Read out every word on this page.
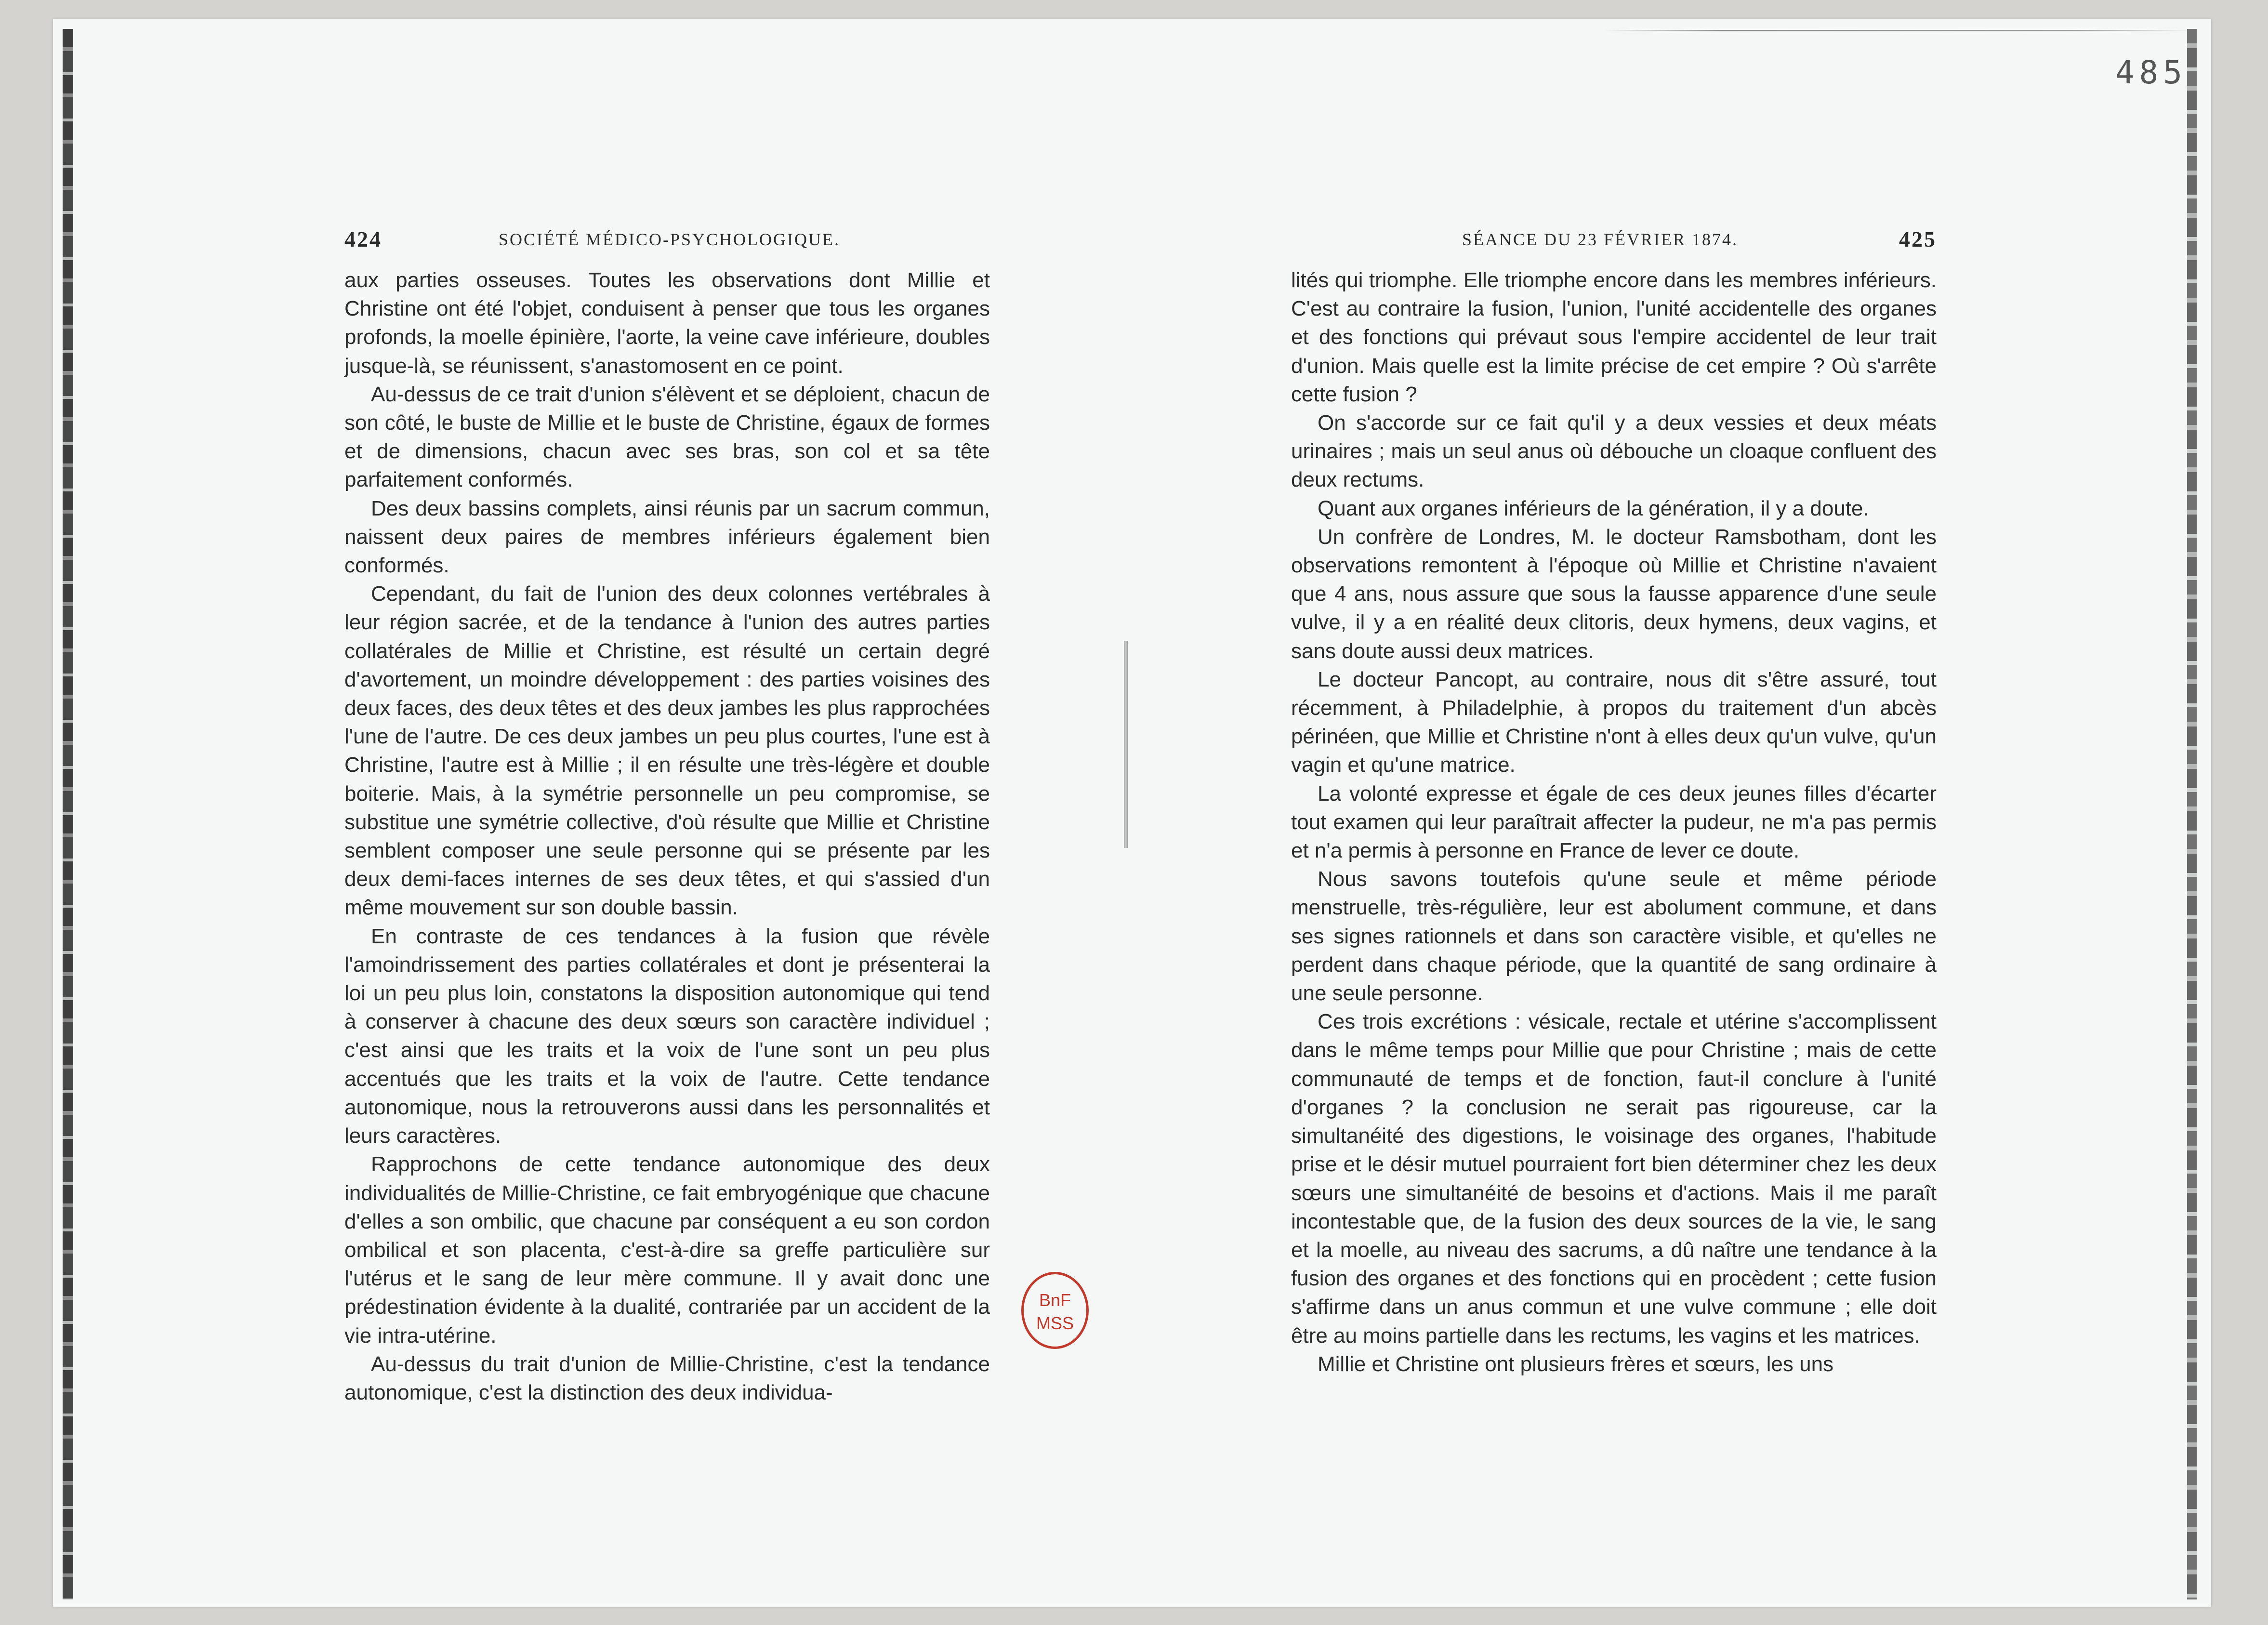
485
424	SOCIÉTÉ MÉDICO-PSYCHOLOGIQUE.

aux parties osseuses. Toutes les observations dont Millie et Christine ont été l'objet, conduisent à penser que tous les organes profonds, la moelle épinière, l'aorte, la veine cave inférieure, doubles jusque-là, se réunissent, s'anastomosent en ce point.

Au-dessus de ce trait d'union s'élèvent et se déploient, chacun de son côté, le buste de Millie et le buste de Christine, égaux de formes et de dimensions, chacun avec ses bras, son col et sa tête parfaitement conformés.

Des deux bassins complets, ainsi réunis par un sacrum commun, naissent deux paires de membres inférieurs également bien conformés.

Cependant, du fait de l'union des deux colonnes vertébrales à leur région sacrée, et de la tendance à l'union des autres parties collatérales de Millie et Christine, est résulté un certain degré d'avortement, un moindre développement : des parties voisines des deux faces, des deux têtes et des deux jambes les plus rapprochées l'une de l'autre. De ces deux jambes un peu plus courtes, l'une est à Christine, l'autre est à Millie ; il en résulte une très-légère et double boiterie. Mais, à la symétrie personnelle un peu compromise, se substitue une symétrie collective, d'où résulte que Millie et Christine semblent composer une seule personne qui se présente par les deux demi-faces internes de ses deux têtes, et qui s'assied d'un même mouvement sur son double bassin.

En contraste de ces tendances à la fusion que révèle l'amoindrissement des parties collatérales et dont je présenterai la loi un peu plus loin, constatons la disposition autonomique qui tend à conserver à chacune des deux sœurs son caractère individuel ; c'est ainsi que les traits et la voix de l'une sont un peu plus accentués que les traits et la voix de l'autre. Cette tendance autonomique, nous la retrouverons aussi dans les personnalités et leurs caractères.

Rapprochons de cette tendance autonomique des deux individualités de Millie-Christine, ce fait embryogénique que chacune d'elles a son ombilic, que chacune par conséquent a eu son cordon ombilical et son placenta, c'est-à-dire sa greffe particulière sur l'utérus et le sang de leur mère commune. Il y avait donc une prédestination évidente à la dualité, contrariée par un accident de la vie intra-utérine.

Au-dessus du trait d'union de Millie-Christine, c'est la tendance autonomique, c'est la distinction des deux individua-

SÉANCE DU 23 FÉVRIER 1874.	425

lités qui triomphe. Elle triomphe encore dans les membres inférieurs. C'est au contraire la fusion, l'union, l'unité accidentelle des organes et des fonctions qui prévaut sous l'empire accidentel de leur trait d'union. Mais quelle est la limite précise de cet empire ? Où s'arrête cette fusion ?

On s'accorde sur ce fait qu'il y a deux vessies et deux méats urinaires ; mais un seul anus où débouche un cloaque confluent des deux rectums.

Quant aux organes inférieurs de la génération, il y a doute.

Un confrère de Londres, M. le docteur Ramsbotham, dont les observations remontent à l'époque où Millie et Christine n'avaient que 4 ans, nous assure que sous la fausse apparence d'une seule vulve, il y a en réalité deux clitoris, deux hymens, deux vagins, et sans doute aussi deux matrices.

Le docteur Pancopt, au contraire, nous dit s'être assuré, tout récemment, à Philadelphie, à propos du traitement d'un abcès périnéen, que Millie et Christine n'ont à elles deux qu'un vulve, qu'un vagin et qu'une matrice.

La volonté expresse et égale de ces deux jeunes filles d'écarter tout examen qui leur paraîtrait affecter la pudeur, ne m'a pas permis et n'a permis à personne en France de lever ce doute.

Nous savons toutefois qu'une seule et même période menstruelle, très-régulière, leur est abolument commune, et dans ses signes rationnels et dans son caractère visible, et qu'elles ne perdent dans chaque période, que la quantité de sang ordinaire à une seule personne.

Ces trois excrétions : vésicale, rectale et utérine s'accomplissent dans le même temps pour Millie que pour Christine ; mais de cette communauté de temps et de fonction, faut-il conclure à l'unité d'organes ? la conclusion ne serait pas rigoureuse, car la simultanéité des digestions, le voisinage des organes, l'habitude prise et le désir mutuel pourraient fort bien déterminer chez les deux sœurs une simultanéité de besoins et d'actions. Mais il me paraît incontestable que, de la fusion des deux sources de la vie, le sang et la moelle, au niveau des sacrums, a dû naître une tendance à la fusion des organes et des fonctions qui en procèdent ; cette fusion s'affirme dans un anus commun et une vulve commune ; elle doit être au moins partielle dans les rectums, les vagins et les matrices.

Millie et Christine ont plusieurs frères et sœurs, les uns

BnF
MSS
